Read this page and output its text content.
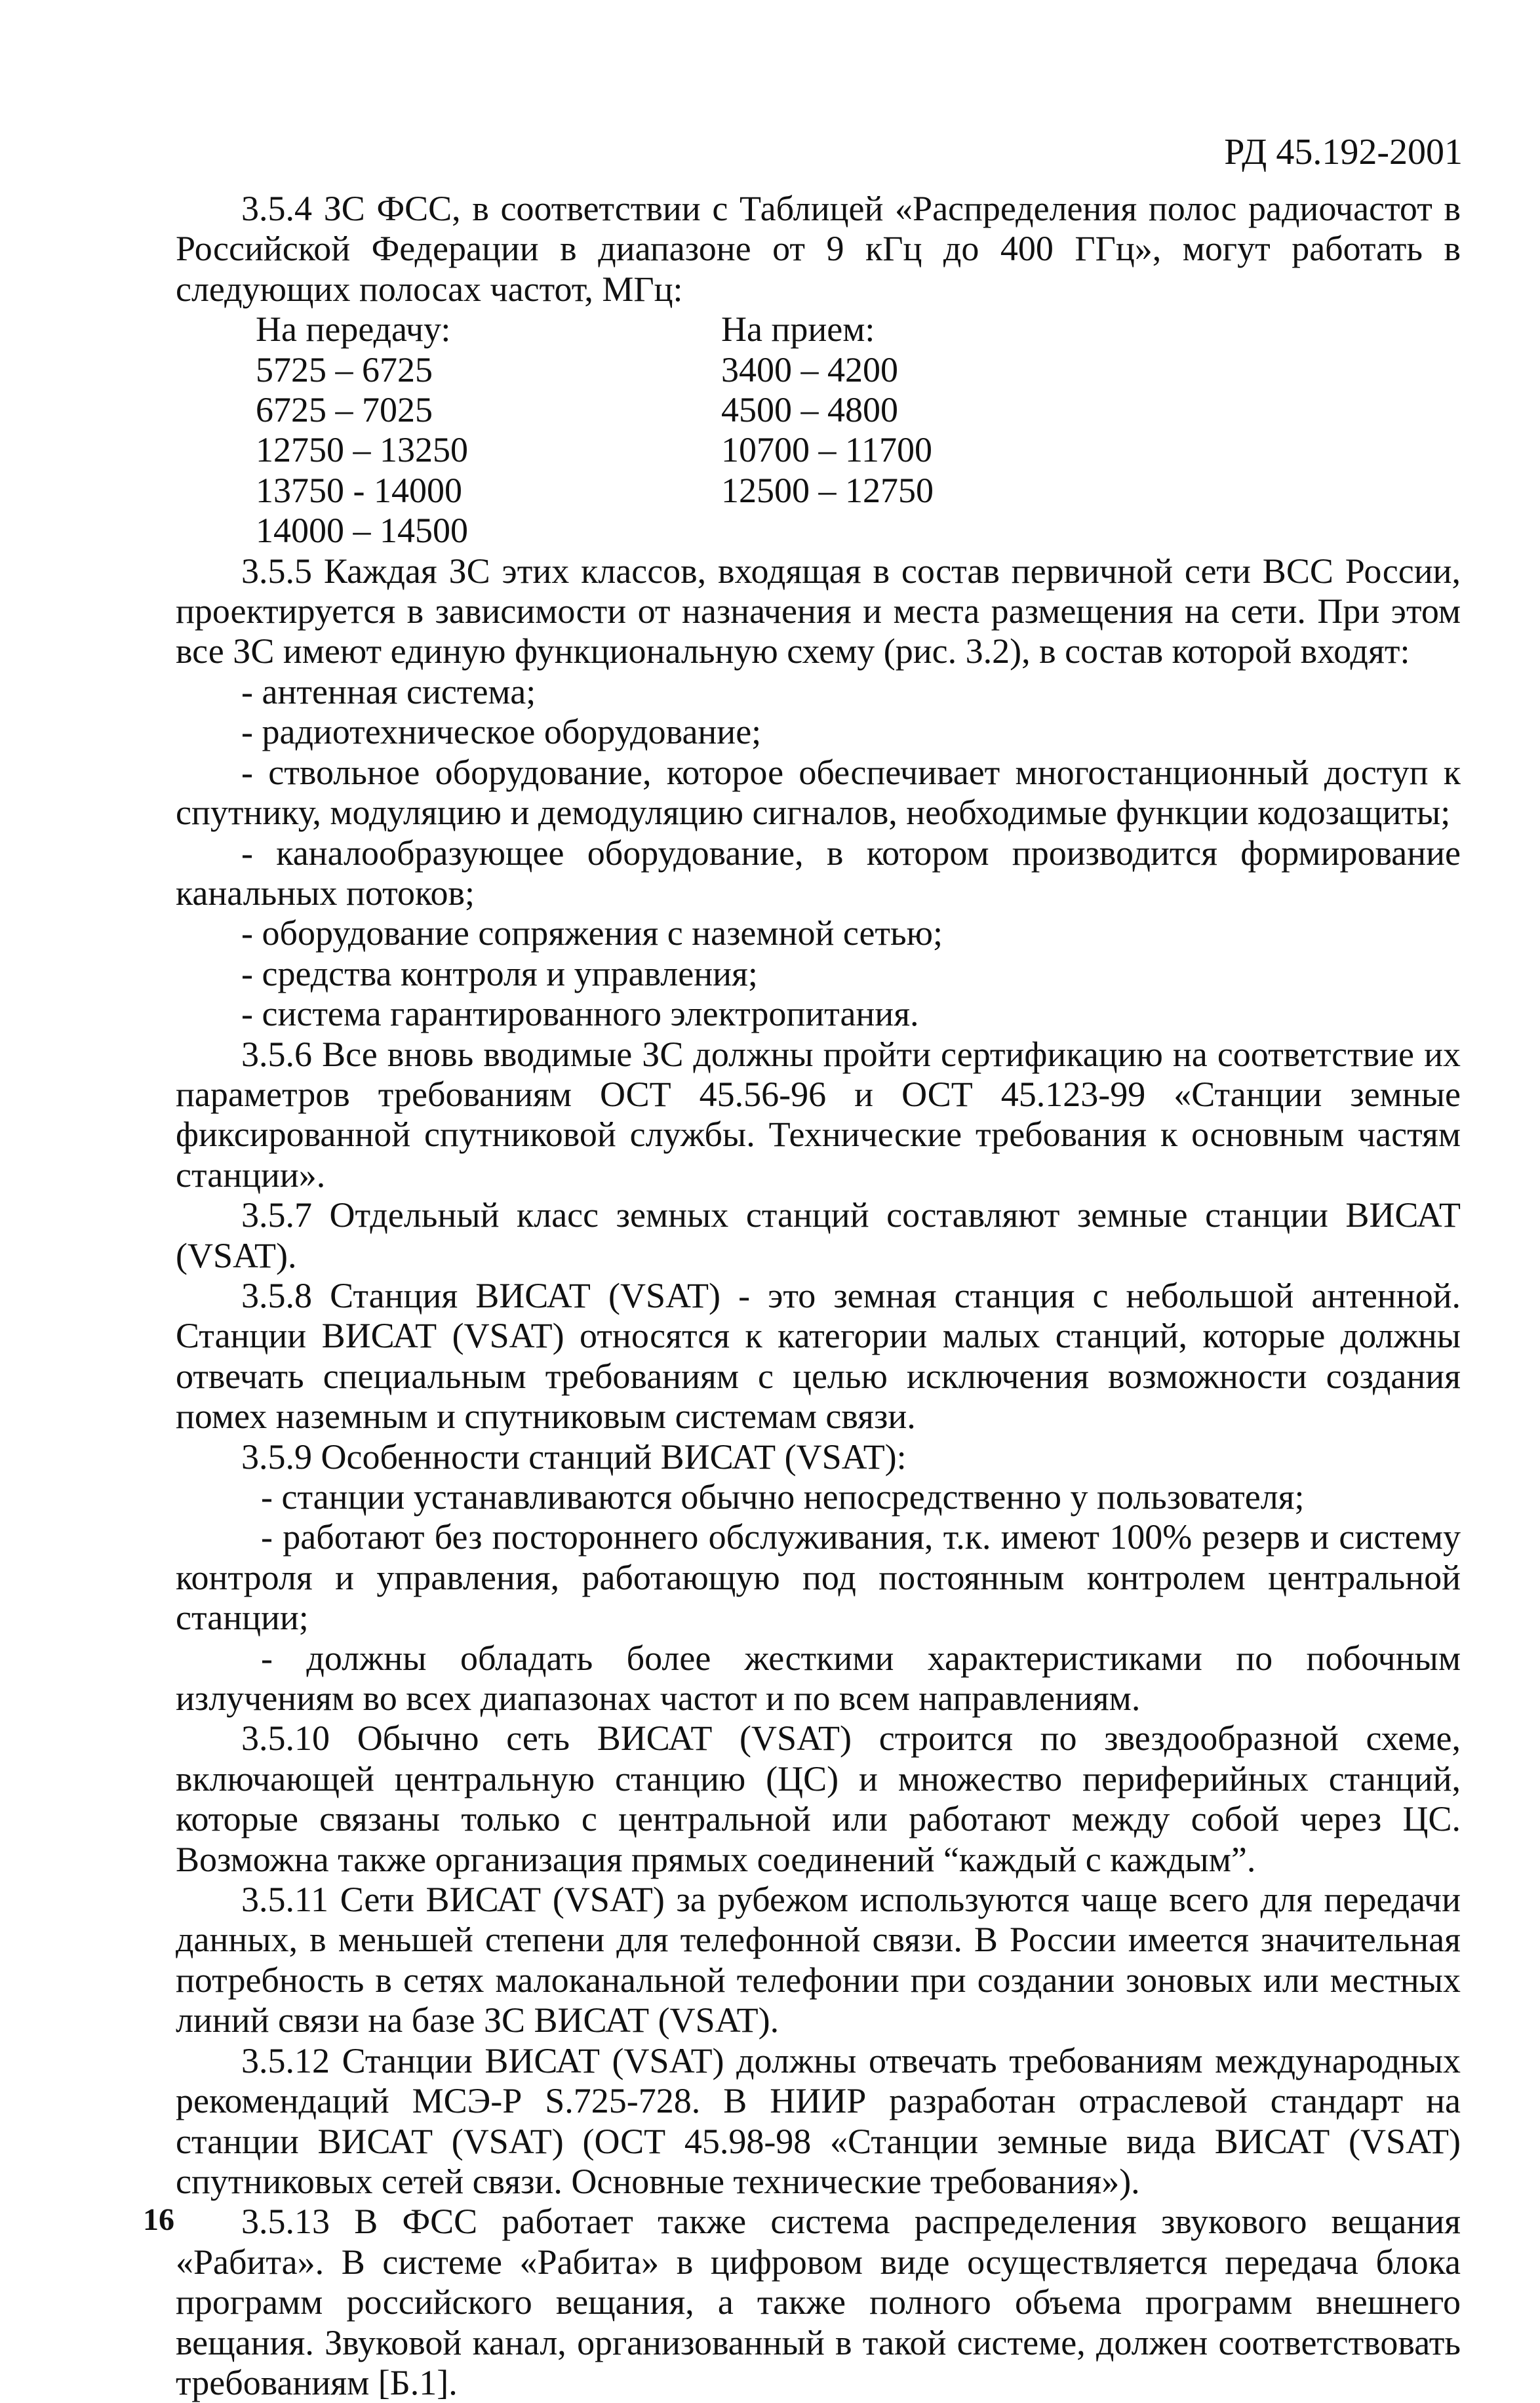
РД 45.192-2001

3.5.4 ЗС ФСС, в соответствии с Таблицей «Распределения полос радиочастот в Российской Федерации в диапазоне от 9 кГц до 400 ГГц», могут работать в следующих полосах частот, МГц:

На передачу:

5725 – 6725

6725 – 7025

12750 – 13250

13750 - 14000

14000 – 14500

На прием:

3400 – 4200

4500 – 4800

10700 – 11700

12500 – 12750

3.5.5 Каждая ЗС этих классов, входящая в состав первичной сети ВСС России, проектируется в зависимости от назначения и места размещения на сети. При этом все ЗС имеют единую функциональную схему (рис. 3.2), в состав которой входят:

- антенная система;

- радиотехническое оборудование;

- ствольное оборудование, которое обеспечивает многостанционный доступ к спутнику, модуляцию и демодуляцию сигналов, необходимые функции кодозащиты;

- каналообразующее оборудование, в котором производится формирование канальных потоков;

- оборудование сопряжения с наземной сетью;

- средства контроля и управления;

- система гарантированного электропитания.

3.5.6 Все вновь вводимые ЗС должны пройти сертификацию на соответствие их параметров требованиям ОСТ 45.56-96 и ОСТ 45.123-99 «Станции земные фиксированной спутниковой службы. Технические требования к основным частям станции».

3.5.7 Отдельный класс земных станций составляют земные станции ВИСАТ (VSAT).

3.5.8 Станция ВИСАТ (VSAT) - это земная станция с небольшой антенной. Станции ВИСАТ (VSAT) относятся к категории малых станций, которые должны отвечать специальным требованиям с целью исключения возможности создания помех наземным и спутниковым системам связи.

3.5.9 Особенности станций ВИСАТ (VSAT):

- станции устанавливаются обычно непосредственно у пользователя;

- работают без постороннего обслуживания, т.к. имеют 100% резерв и систему контроля и управления, работающую под постоянным контролем центральной станции;

- должны обладать более жесткими характеристиками по побочным излучениям во всех диапазонах частот и по всем направлениям.

3.5.10 Обычно сеть ВИСАТ (VSAT) строится по звездообразной схеме, включающей центральную станцию (ЦС) и множество периферийных станций, которые связаны только с центральной или работают между собой через ЦС. Возможна также организация прямых соединений “каждый с каждым”.

3.5.11 Сети ВИСАТ (VSAT) за рубежом используются чаще всего для передачи данных, в меньшей степени для телефонной связи. В России имеется значительная потребность в сетях малоканальной телефонии при создании зоновых или местных линий связи на базе ЗС ВИСАТ (VSAT).

3.5.12 Станции ВИСАТ (VSAT) должны отвечать требованиям международных рекомендаций МСЭ-Р S.725-728. В НИИР разработан отраслевой стандарт на станции ВИСАТ (VSAT) (ОСТ 45.98-98 «Станции земные вида ВИСАТ (VSAT) спутниковых сетей связи. Основные технические требования»).

3.5.13 В ФСС работает также система распределения звукового вещания «Рабита». В системе «Рабита» в цифровом виде осуществляется передача блока программ российского вещания, а также полного объема программ внешнего вещания. Звуковой канал, организованный в такой системе, должен соответствовать требованиям [Б.1].

16
